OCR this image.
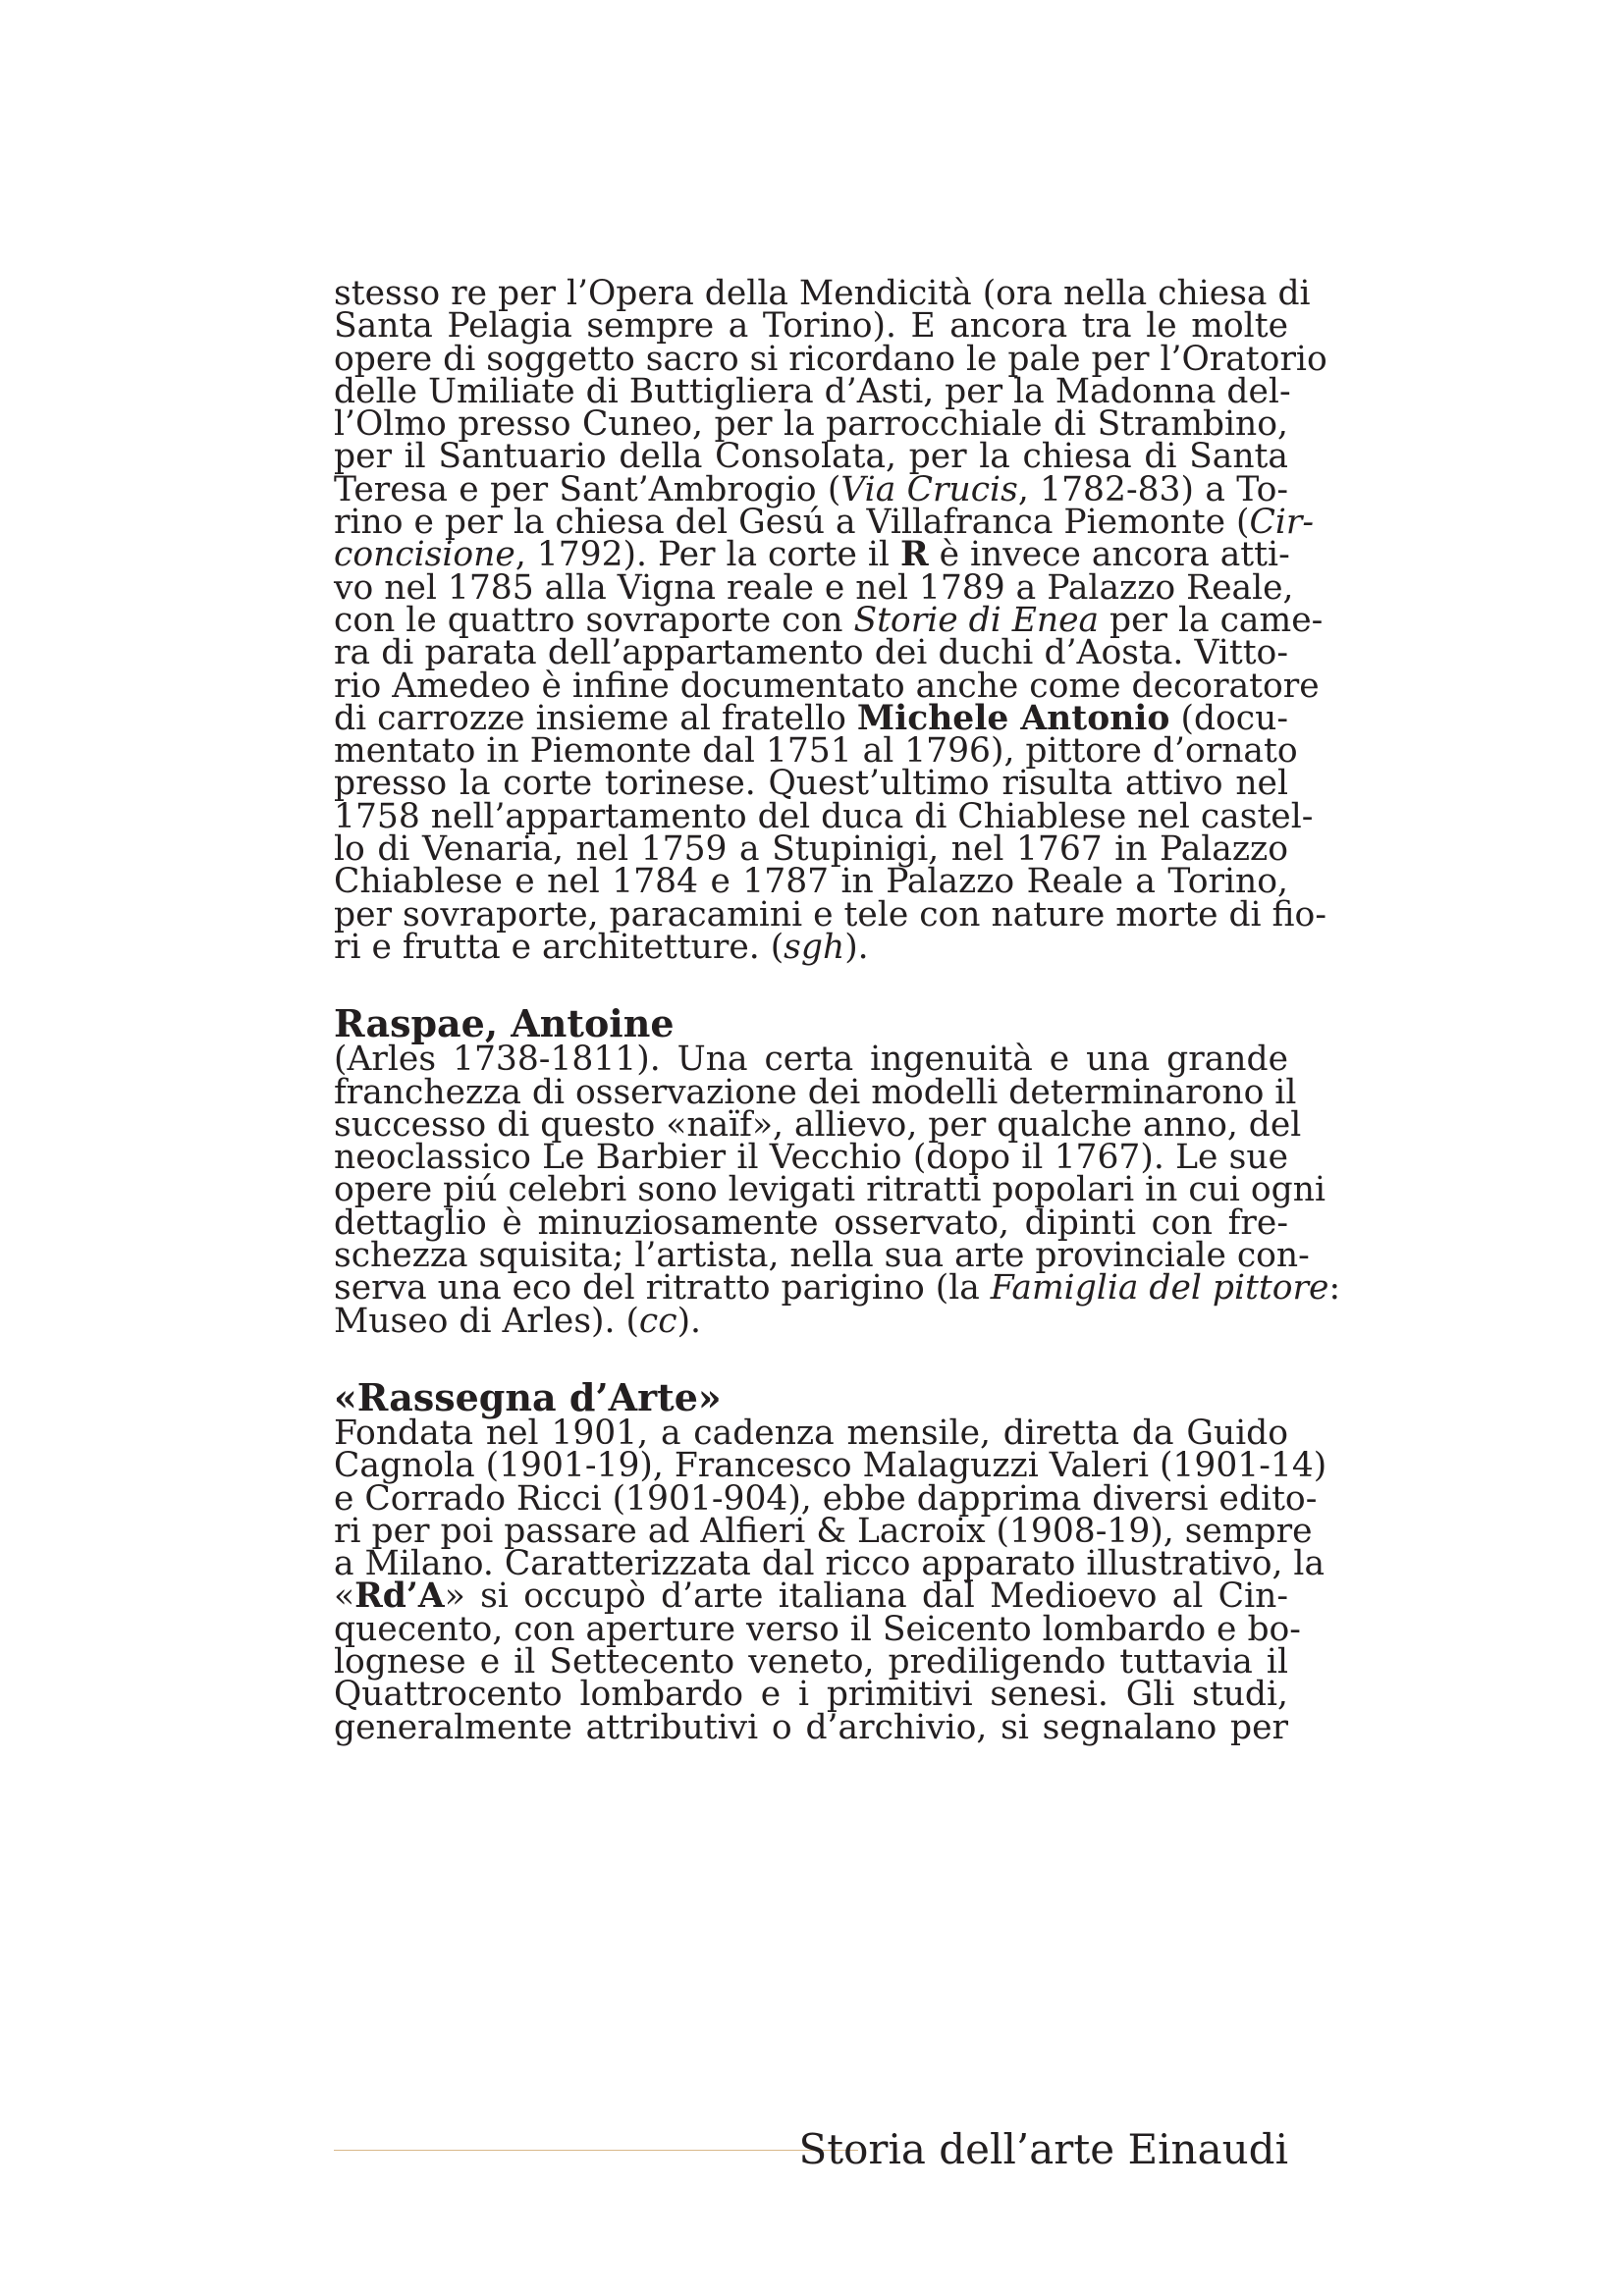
stesso re per l’Opera della Mendicità (ora nella chiesa di
Santa Pelagia sempre a Torino). E ancora tra le molte
opere di soggetto sacro si ricordano le pale per l’Oratorio
delle Umiliate di Buttigliera d’Asti, per la Madonna del-
l’Olmo presso Cuneo, per la parrocchiale di Strambino,
per il Santuario della Consolata, per la chiesa di Santa
Teresa e per Sant’Ambrogio (Via Crucis, 1782-83) a To-
rino e per la chiesa del Gesú a Villafranca Piemonte (Cir-
concisione, 1792). Per la corte il R è invece ancora atti-
vo nel 1785 alla Vigna reale e nel 1789 a Palazzo Reale,
con le quattro sovraporte con Storie di Enea per la came-
ra di parata dell’appartamento dei duchi d’Aosta. Vitto-
rio Amedeo è infine documentato anche come decoratore
di carrozze insieme al fratello Michele Antonio (docu-
mentato in Piemonte dal 1751 al 1796), pittore d’ornato
presso la corte torinese. Quest’ultimo risulta attivo nel
1758 nell’appartamento del duca di Chiablese nel castel-
lo di Venaria, nel 1759 a Stupinigi, nel 1767 in Palazzo
Chiablese e nel 1784 e 1787 in Palazzo Reale a Torino,
per sovraporte, paracamini e tele con nature morte di fio-
ri e frutta e architetture. (sgh).

Raspae, Antoine

(Arles 1738-1811). Una certa ingenuità e una grande
franchezza di osservazione dei modelli determinarono il
successo di questo «naïf», allievo, per qualche anno, del
neoclassico Le Barbier il Vecchio (dopo il 1767). Le sue
opere piú celebri sono levigati ritratti popolari in cui ogni
dettaglio è minuziosamente osservato, dipinti con fre-
schezza squisita; l’artista, nella sua arte provinciale con-
serva una eco del ritratto parigino (la Famiglia del pittore:
Museo di Arles). (cc).

«Rassegna d’Arte»

Fondata nel 1901, a cadenza mensile, diretta da Guido
Cagnola (1901-19), Francesco Malaguzzi Valeri (1901-14)
e Corrado Ricci (1901-904), ebbe dapprima diversi edito-
ri per poi passare ad Alfieri & Lacroix (1908-19), sempre
a Milano. Caratterizzata dal ricco apparato illustrativo, la
«Rd’A» si occupò d’arte italiana dal Medioevo al Cin-
quecento, con aperture verso il Seicento lombardo e bo-
lognese e il Settecento veneto, prediligendo tuttavia il
Quattrocento lombardo e i primitivi senesi. Gli studi,
generalmente attributivi o d’archivio, si segnalano per

Storia dell’arte Einaudi
